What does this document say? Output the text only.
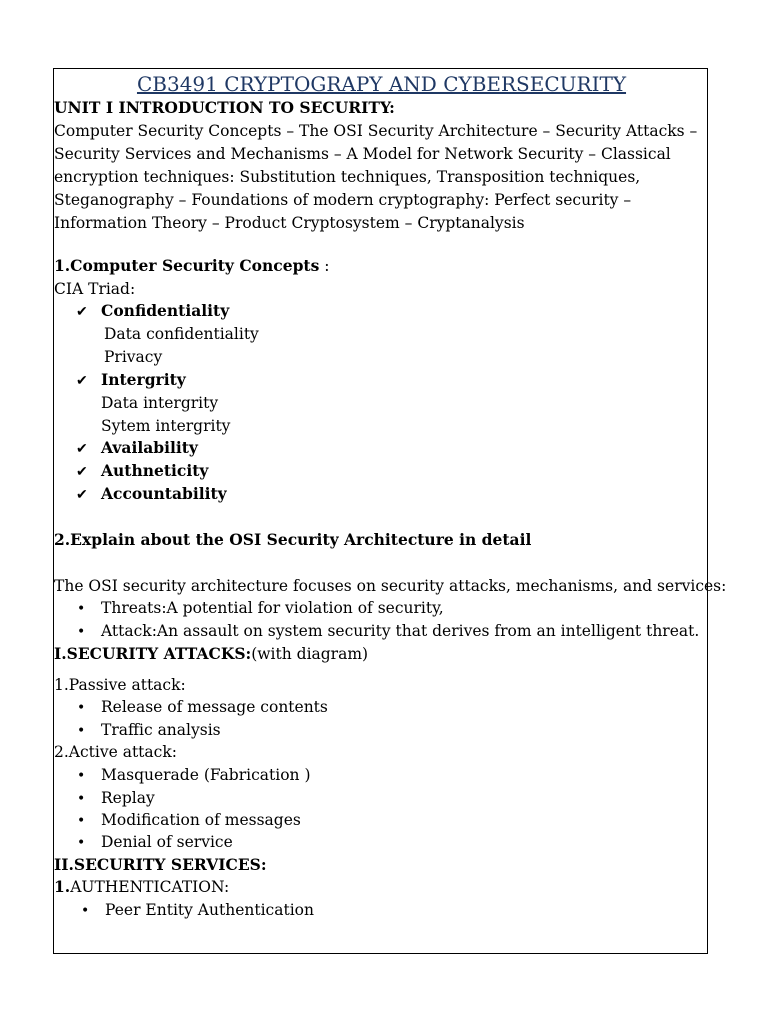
CB3491 CRYPTOGRAPY AND CYBERSECURITY
UNIT I INTRODUCTION TO SECURITY:
Computer Security Concepts – The OSI Security Architecture – Security Attacks –
Security Services and Mechanisms – A Model for Network Security – Classical
encryption techniques: Substitution techniques, Transposition techniques,
Steganography – Foundations of modern cryptography: Perfect security –
Information Theory – Product Cryptosystem – Cryptanalysis
1.Computer Security Concepts :
CIA Triad:
✔ Confidentiality
Data confidentiality
Privacy
✔ Intergrity
Data intergrity
Sytem intergrity
✔ Availability
✔ Authneticity
✔ Accountability
2.Explain about the OSI Security Architecture in detail
The OSI security architecture focuses on security attacks, mechanisms, and services:
• Threats:A potential for violation of security,
• Attack:An assault on system security that derives from an intelligent threat.
I.SECURITY ATTACKS:(with diagram)
1.Passive attack:
• Release of message contents
• Traffic analysis
2.Active attack:
• Masquerade (Fabrication )
• Replay
• Modification of messages
• Denial of service
II.SECURITY SERVICES:
1.AUTHENTICATION:
• Peer Entity Authentication
